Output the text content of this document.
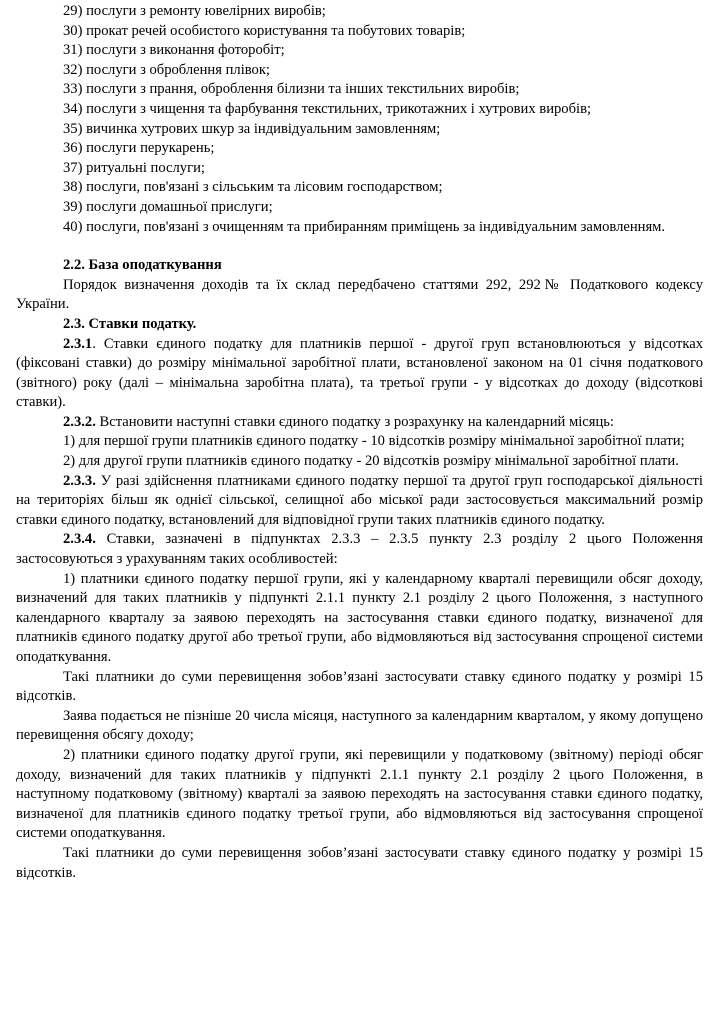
29) послуги з ремонту ювелірних виробів;

30) прокат речей особистого користування та побутових товарів;

31) послуги з виконання фоторобіт;

32) послуги з оброблення плівок;

33) послуги з прання, оброблення білизни та інших текстильних виробів;

34) послуги з чищення та фарбування текстильних, трикотажних і хутрових виробів;

35) вичинка хутрових шкур за індивідуальним замовленням;

36) послуги перукарень;

37) ритуальні послуги;

38) послуги, пов'язані з сільським та лісовим господарством;

39) послуги домашньої прислуги;

40) послуги, пов'язані з очищенням та прибиранням приміщень за індивідуальним замовленням.

2.2. База оподаткування

Порядок визначення доходів та їх склад передбачено статтями 292, 292№ Податкового кодексу України.

2.3. Ставки податку.

2.3.1. Ставки єдиного податку для платників першої - другої груп встановлюються у відсотках (фіксовані ставки) до розміру мінімальної заробітної плати, встановленої законом на 01 січня податкового (звітного) року (далі – мінімальна заробітна плата), та третьої групи - у відсотках до доходу (відсоткові ставки).

2.3.2. Встановити наступні ставки єдиного податку з розрахунку на календарний місяць:

1) для першої групи платників єдиного податку - 10 відсотків розміру мінімальної заробітної плати;

2) для другої групи платників єдиного податку - 20 відсотків розміру мінімальної заробітної плати.

2.3.3. У разі здійснення платниками єдиного податку першої та другої груп господарської діяльності на територіях більш як однієї сільської, селищної або міської ради застосовується максимальний розмір ставки єдиного податку, встановлений для відповідної групи таких платників єдиного податку.

2.3.4. Ставки, зазначені в підпунктах 2.3.3 – 2.3.5 пункту 2.3 розділу 2 цього Положення застосовуються з урахуванням таких особливостей:

1) платники єдиного податку першої групи, які у календарному кварталі перевищили обсяг доходу, визначений для таких платників у підпункті 2.1.1 пункту 2.1 розділу 2 цього Положення, з наступного календарного кварталу за заявою переходять на застосування ставки єдиного податку, визначеної для платників єдиного податку другої або третьої групи, або відмовляються від застосування спрощеної системи оподаткування.

Такі платники до суми перевищення зобов’язані застосувати ставку єдиного податку у розмірі 15 відсотків.

Заява подається не пізніше 20 числа місяця, наступного за календарним кварталом, у якому допущено перевищення обсягу доходу;

2) платники єдиного податку другої групи, які перевищили у податковому (звітному) періоді обсяг доходу, визначений для таких платників у підпункті 2.1.1 пункту 2.1 розділу 2 цього Положення, в наступному податковому (звітному) кварталі за заявою переходять на застосування ставки єдиного податку, визначеної для платників єдиного податку третьої групи, або відмовляються від застосування спрощеної системи оподаткування.

Такі платники до суми перевищення зобов’язані застосувати ставку єдиного податку у розмірі 15 відсотків.
